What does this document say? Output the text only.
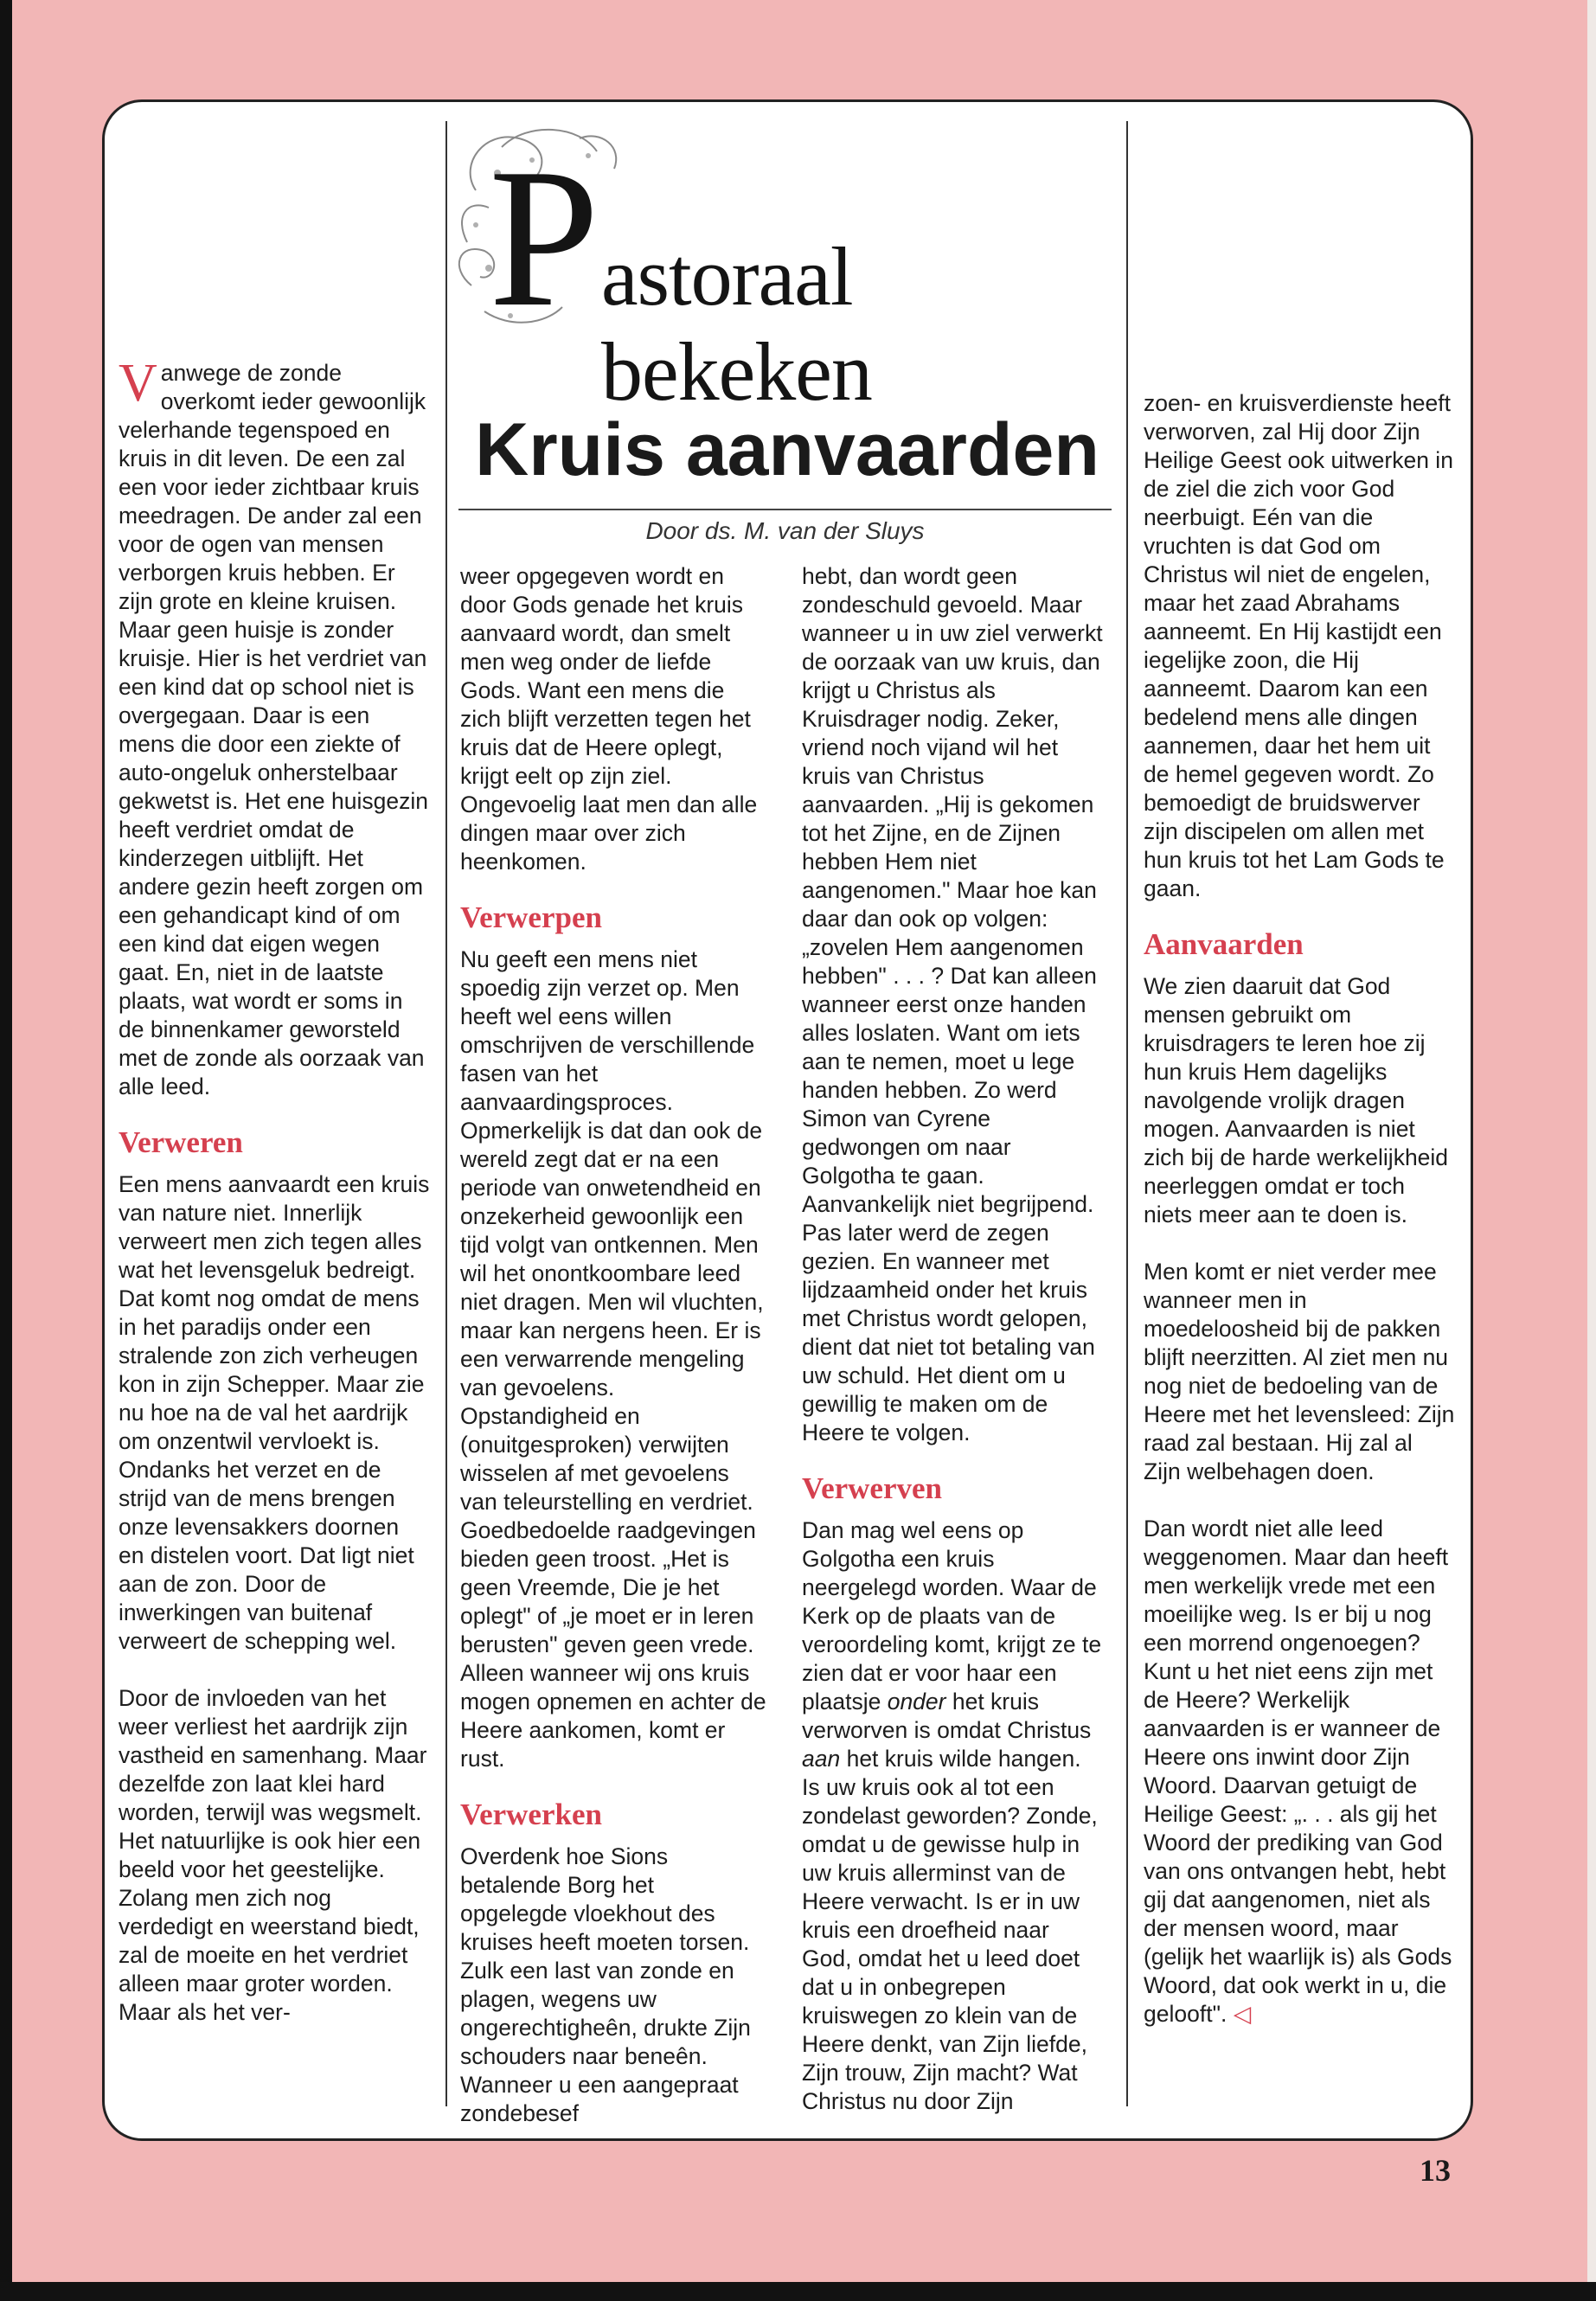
P astoraal bekeken
Kruis aanvaarden
Door ds. M. van der Sluys

Vanwege de zonde overkomt ieder gewoonlijk velerhande tegenspoed en kruis in dit leven. De een zal een voor ieder zichtbaar kruis meedragen. De ander zal een voor de ogen van mensen verborgen kruis hebben. Er zijn grote en kleine kruisen. Maar geen huisje is zonder kruisje. Hier is het verdriet van een kind dat op school niet is overgegaan. Daar is een mens die door een ziekte of auto-ongeluk onherstelbaar gekwetst is. Het ene huisgezin heeft verdriet omdat de kinderzegen uitblijft. Het andere gezin heeft zorgen om een gehandicapt kind of om een kind dat eigen wegen gaat. En, niet in de laatste plaats, wat wordt er soms in de binnenkamer geworsteld met de zonde als oorzaak van alle leed.

Verweren

Een mens aanvaardt een kruis van nature niet. Innerlijk verweert men zich tegen alles wat het levensgeluk bedreigt. Dat komt nog omdat de mens in het paradijs onder een stralende zon zich verheugen kon in zijn Schepper. Maar zie nu hoe na de val het aardrijk om onzentwil vervloekt is. Ondanks het verzet en de strijd van de mens brengen onze levensakkers doornen en distelen voort. Dat ligt niet aan de zon. Door de inwerkingen van buitenaf verweert de schepping wel.

Door de invloeden van het weer verliest het aardrijk zijn vastheid en samenhang. Maar dezelfde zon laat klei hard worden, terwijl was wegsmelt. Het natuurlijke is ook hier een beeld voor het geestelijke. Zolang men zich nog verdedigt en weerstand biedt, zal de moeite en het verdriet alleen maar groter worden. Maar als het ver-

weer opgegeven wordt en door Gods genade het kruis aanvaard wordt, dan smelt men weg onder de liefde Gods. Want een mens die zich blijft verzetten tegen het kruis dat de Heere oplegt, krijgt eelt op zijn ziel. Ongevoelig laat men dan alle dingen maar over zich heenkomen.

Verwerpen

Nu geeft een mens niet spoedig zijn verzet op. Men heeft wel eens willen omschrijven de verschillende fasen van het aanvaardingsproces. Opmerkelijk is dat dan ook de wereld zegt dat er na een periode van onwetendheid en onzekerheid gewoonlijk een tijd volgt van ontkennen. Men wil het onontkoombare leed niet dragen. Men wil vluchten, maar kan nergens heen. Er is een verwarrende mengeling van gevoelens. Opstandigheid en (onuitgesproken) verwijten wisselen af met gevoelens van teleurstelling en verdriet. Goedbedoelde raadgevingen bieden geen troost. „Het is geen Vreemde, Die je het oplegt" of „je moet er in leren berusten" geven geen vrede. Alleen wanneer wij ons kruis mogen opnemen en achter de Heere aankomen, komt er rust.

Verwerken

Overdenk hoe Sions betalende Borg het opgelegde vloekhout des kruises heeft moeten torsen. Zulk een last van zonde en plagen, wegens uw ongerechtigheên, drukte Zijn schouders naar beneên. Wanneer u een aangepraat zondebesef

hebt, dan wordt geen zondeschuld gevoeld. Maar wanneer u in uw ziel verwerkt de oorzaak van uw kruis, dan krijgt u Christus als Kruisdrager nodig. Zeker, vriend noch vijand wil het kruis van Christus aanvaarden. „Hij is gekomen tot het Zijne, en de Zijnen hebben Hem niet aangenomen." Maar hoe kan daar dan ook op volgen: „zovelen Hem aangenomen hebben" . . . ? Dat kan alleen wanneer eerst onze handen alles loslaten. Want om iets aan te nemen, moet u lege handen hebben. Zo werd Simon van Cyrene gedwongen om naar Golgotha te gaan. Aanvankelijk niet begrijpend. Pas later werd de zegen gezien. En wanneer met lijdzaamheid onder het kruis met Christus wordt gelopen, dient dat niet tot betaling van uw schuld. Het dient om u gewillig te maken om de Heere te volgen.

Verwerven

Dan mag wel eens op Golgotha een kruis neergelegd worden. Waar de Kerk op de plaats van de veroordeling komt, krijgt ze te zien dat er voor haar een plaatsje onder het kruis verworven is omdat Christus aan het kruis wilde hangen.

Is uw kruis ook al tot een zondelast geworden? Zonde, omdat u de gewisse hulp in uw kruis allerminst van de Heere verwacht. Is er in uw kruis een droefheid naar God, omdat het u leed doet dat u in onbegrepen kruiswegen zo klein van de Heere denkt, van Zijn liefde, Zijn trouw, Zijn macht? Wat Christus nu door Zijn

zoen- en kruisverdienste heeft verworven, zal Hij door Zijn Heilige Geest ook uitwerken in de ziel die zich voor God neerbuigt. Eén van die vruchten is dat God om Christus wil niet de engelen, maar het zaad Abrahams aanneemt. En Hij kastijdt een iegelijke zoon, die Hij aanneemt. Daarom kan een bedelend mens alle dingen aannemen, daar het hem uit de hemel gegeven wordt. Zo bemoedigt de bruidswerver zijn discipelen om allen met hun kruis tot het Lam Gods te gaan.

Aanvaarden

We zien daaruit dat God mensen gebruikt om kruisdragers te leren hoe zij hun kruis Hem dagelijks navolgende vrolijk dragen mogen. Aanvaarden is niet zich bij de harde werkelijkheid neerleggen omdat er toch niets meer aan te doen is.

Men komt er niet verder mee wanneer men in moedeloosheid bij de pakken blijft neerzitten. Al ziet men nu nog niet de bedoeling van de Heere met het levensleed: Zijn raad zal bestaan. Hij zal al Zijn welbehagen doen.

Dan wordt niet alle leed weggenomen. Maar dan heeft men werkelijk vrede met een moeilijke weg. Is er bij u nog een morrend ongenoegen? Kunt u het niet eens zijn met de Heere? Werkelijk aanvaarden is er wanneer de Heere ons inwint door Zijn Woord. Daarvan getuigt de Heilige Geest: „. . . als gij het Woord der prediking van God van ons ontvangen hebt, hebt gij dat aangenomen, niet als der mensen woord, maar (gelijk het waarlijk is) als Gods Woord, dat ook werkt in u, die gelooft". ◁

13
